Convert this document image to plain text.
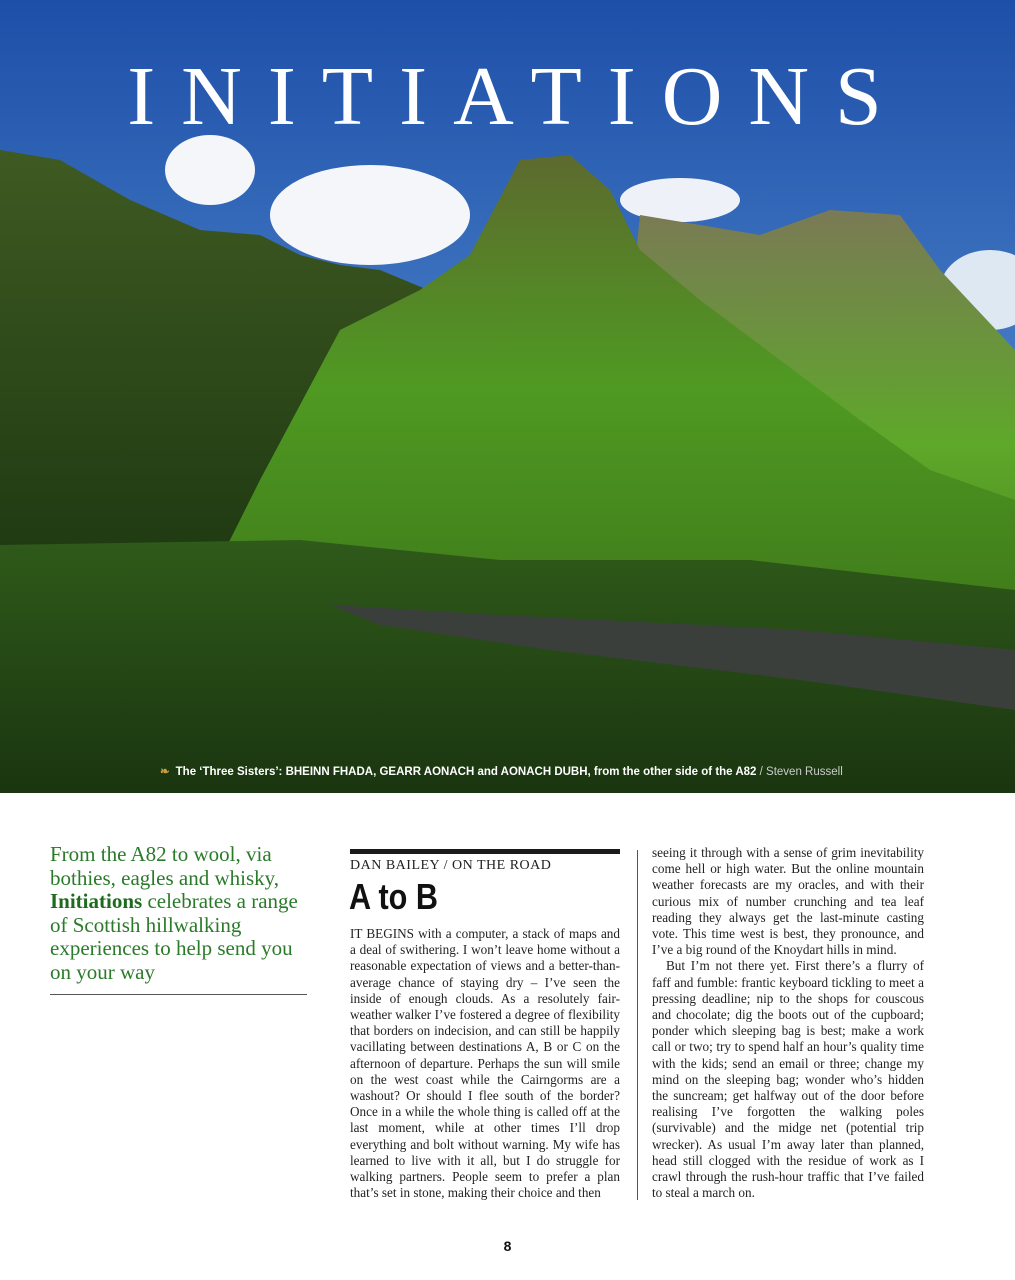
INITIATIONS
❧ The ‘Three Sisters’: BHEINN FHADA, GEARR AONACH and AONACH DUBH, from the other side of the A82 / Steven Russell
From the A82 to wool, via bothies, eagles and whisky, Initiations celebrates a range of Scottish hillwalking experiences to help send you on your way
DAN BAILEY / ON THE ROAD
A to B

IT BEGINS with a computer, a stack of maps and a deal of swithering. I won’t leave home without a reasonable expectation of views and a better-than-average chance of staying dry – I’ve seen the inside of enough clouds. As a resolutely fair-weather walker I’ve fostered a degree of flexibility that borders on indecision, and can still be happily vacillating between destinations A, B or C on the afternoon of departure. Perhaps the sun will smile on the west coast while the Cairngorms are a washout? Or should I flee south of the border? Once in a while the whole thing is called off at the last moment, while at other times I’ll drop everything and bolt without warning. My wife has learned to live with it all, but I do struggle for walking partners. People seem to prefer a plan that’s set in stone, making their choice and then

seeing it through with a sense of grim inevitability come hell or high water. But the online mountain weather forecasts are my oracles, and with their curious mix of number crunching and tea leaf reading they always get the last-minute casting vote. This time west is best, they pronounce, and I’ve a big round of the Knoydart hills in mind.

But I’m not there yet. First there’s a flurry of faff and fumble: frantic keyboard tickling to meet a pressing deadline; nip to the shops for couscous and chocolate; dig the boots out of the cupboard; ponder which sleeping bag is best; make a work call or two; try to spend half an hour’s quality time with the kids; send an email or three; change my mind on the sleeping bag; wonder who’s hidden the suncream; get halfway out of the door before realising I’ve forgotten the walking poles (survivable) and the midge net (potential trip wrecker). As usual I’m away later than planned, head still clogged with the residue of work as I crawl through the rush-hour traffic that I’ve failed to steal a march on.

8
